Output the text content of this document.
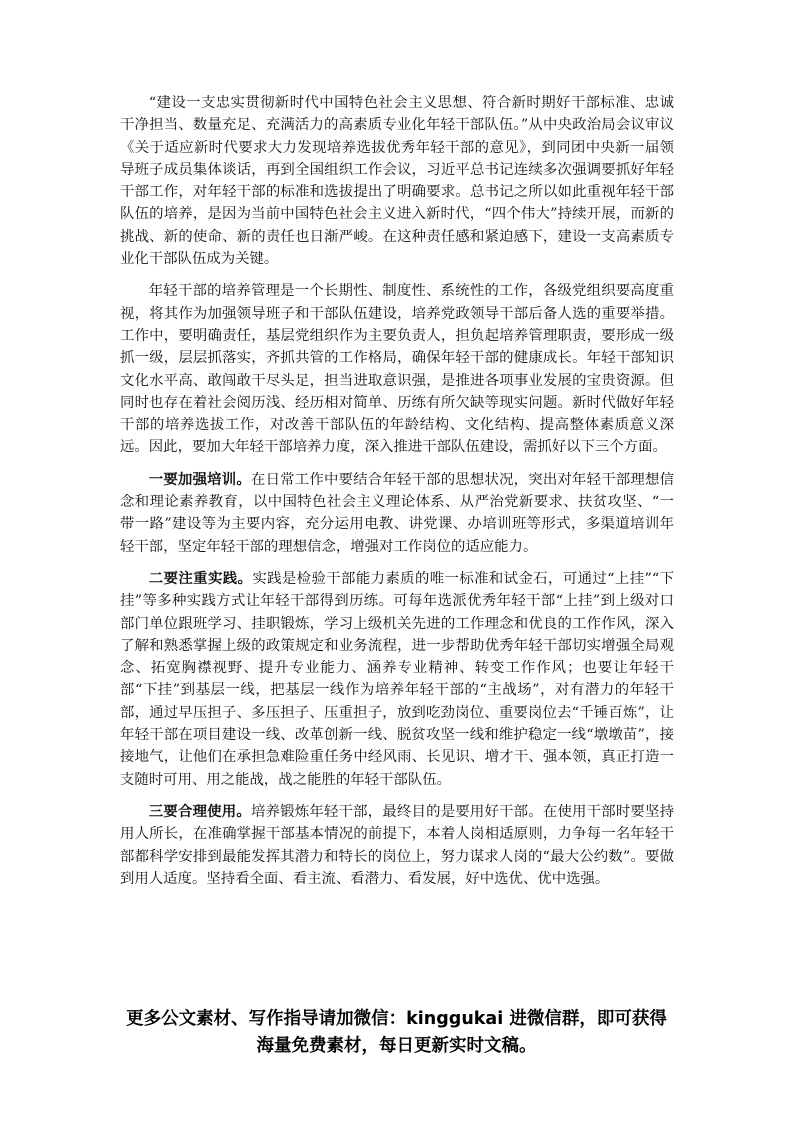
“建设一支忠实贯彻新时代中国特色社会主义思想、符合新时期好干部标准、忠诚干净担当、数量充足、充满活力的高素质专业化年轻干部队伍。”从中央政治局会议审议《关于适应新时代要求大力发现培养选拔优秀年轻干部的意见》，到同团中央新一届领导班子成员集体谈话，再到全国组织工作会议，习近平总书记连续多次强调要抓好年轻干部工作，对年轻干部的标准和选拔提出了明确要求。总书记之所以如此重视年轻干部队伍的培养，是因为当前中国特色社会主义进入新时代，“四个伟大”持续开展，而新的挑战、新的使命、新的责任也日渐严峻。在这种责任感和紧迫感下，建设一支高素质专业化干部队伍成为关键。

年轻干部的培养管理是一个长期性、制度性、系统性的工作，各级党组织要高度重视，将其作为加强领导班子和干部队伍建设，培养党政领导干部后备人选的重要举措。工作中，要明确责任，基层党组织作为主要负责人，担负起培养管理职责，要形成一级抓一级，层层抓落实，齐抓共管的工作格局，确保年轻干部的健康成长。年轻干部知识文化水平高、敢闯敢干尽头足，担当进取意识强，是推进各项事业发展的宝贵资源。但同时也存在着社会阅历浅、经历相对简单、历练有所欠缺等现实问题。新时代做好年轻干部的培养选拔工作，对改善干部队伍的年龄结构、文化结构、提高整体素质意义深远。因此，要加大年轻干部培养力度，深入推进干部队伍建设，需抓好以下三个方面。

一要加强培训。在日常工作中要结合年轻干部的思想状况，突出对年轻干部理想信念和理论素养教育，以中国特色社会主义理论体系、从严治党新要求、扶贫攻坚、“一带一路”建设等为主要内容，充分运用电教、讲党课、办培训班等形式，多渠道培训年轻干部，坚定年轻干部的理想信念，增强对工作岗位的适应能力。

二要注重实践。实践是检验干部能力素质的唯一标准和试金石，可通过“上挂”“下挂”等多种实践方式让年轻干部得到历练。可每年选派优秀年轻干部“上挂”到上级对口部门单位跟班学习、挂职锻炼，学习上级机关先进的工作理念和优良的工作作风，深入了解和熟悉掌握上级的政策规定和业务流程，进一步帮助优秀年轻干部切实增强全局观念、拓宽胸襟视野、提升专业能力、涵养专业精神、转变工作作风；也要让年轻干部“下挂”到基层一线，把基层一线作为培养年轻干部的“主战场”，对有潜力的年轻干部，通过早压担子、多压担子、压重担子，放到吃劲岗位、重要岗位去“千锤百炼”，让年轻干部在项目建设一线、改革创新一线、脱贫攻坚一线和维护稳定一线“墩墩苗”，接接地气，让他们在承担急难险重任务中经风雨、长见识、增才干、强本领，真正打造一支随时可用、用之能战，战之能胜的年轻干部队伍。

三要合理使用。培养锻炼年轻干部，最终目的是要用好干部。在使用干部时要坚持用人所长，在准确掌握干部基本情况的前提下，本着人岗相适原则，力争每一名年轻干部都科学安排到最能发挥其潜力和特长的岗位上，努力谋求人岗的“最大公约数”。要做到用人适度。坚持看全面、看主流、看潜力、看发展，好中选优、优中选强。

更多公文素材、写作指导请加微信：kinggukai 进微信群，即可获得
海量免费素材，每日更新实时文稿。
